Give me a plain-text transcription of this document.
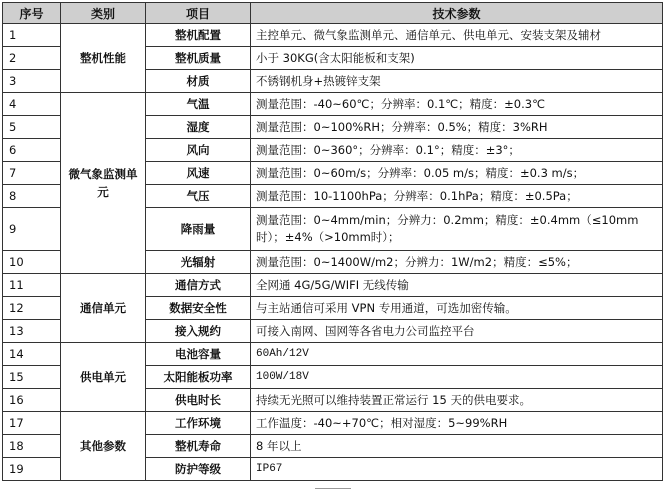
序号	类别	项目	技术参数
1	整机性能	整机配置	主控单元、微气象监测单元、通信单元、供电单元、安装支架及辅材
2		整机质量	小于 30KG(含太阳能板和支架)
3		材质	不锈钢机身+热镀锌支架
4	微气象监测单元	气温	测量范围：-40~60℃；分辨率：0.1℃；精度：±0.3℃
5		湿度	测量范围：0~100%RH；分辨率：0.5%；精度：3%RH
6		风向	测量范围：0~360°；分辨率：0.1°；精度：±3°；
7		风速	测量范围：0~60m/s；分辨率：0.05 m/s；精度：±0.3 m/s；
8		气压	测量范围：10-1100hPa；分辨率：0.1hPa；精度：±0.5Pa；
9		降雨量	测量范围：0~4mm/min；分辨力：0.2mm；精度：±0.4mm（≤10mm时）；±4%（>10mm时）；
10		光辐射	测量范围：0~1400W/m2；分辨力：1W/m2；精度：≤5%；
11	通信单元	通信方式	全网通 4G/5G/WIFI 无线传输
12		数据安全性	与主站通信可采用 VPN 专用通道，可选加密传输。
13		接入规约	可接入南网、国网等各省电力公司监控平台
14	供电单元	电池容量	60Ah/12V
15		太阳能板功率	100W/18V
16		供电时长	持续无光照可以维持装置正常运行 15 天的供电要求。
17	其他参数	工作环境	工作温度：-40~+70℃；相对湿度：5~99%RH
18		整机寿命	8 年以上
19		防护等级	IP67
